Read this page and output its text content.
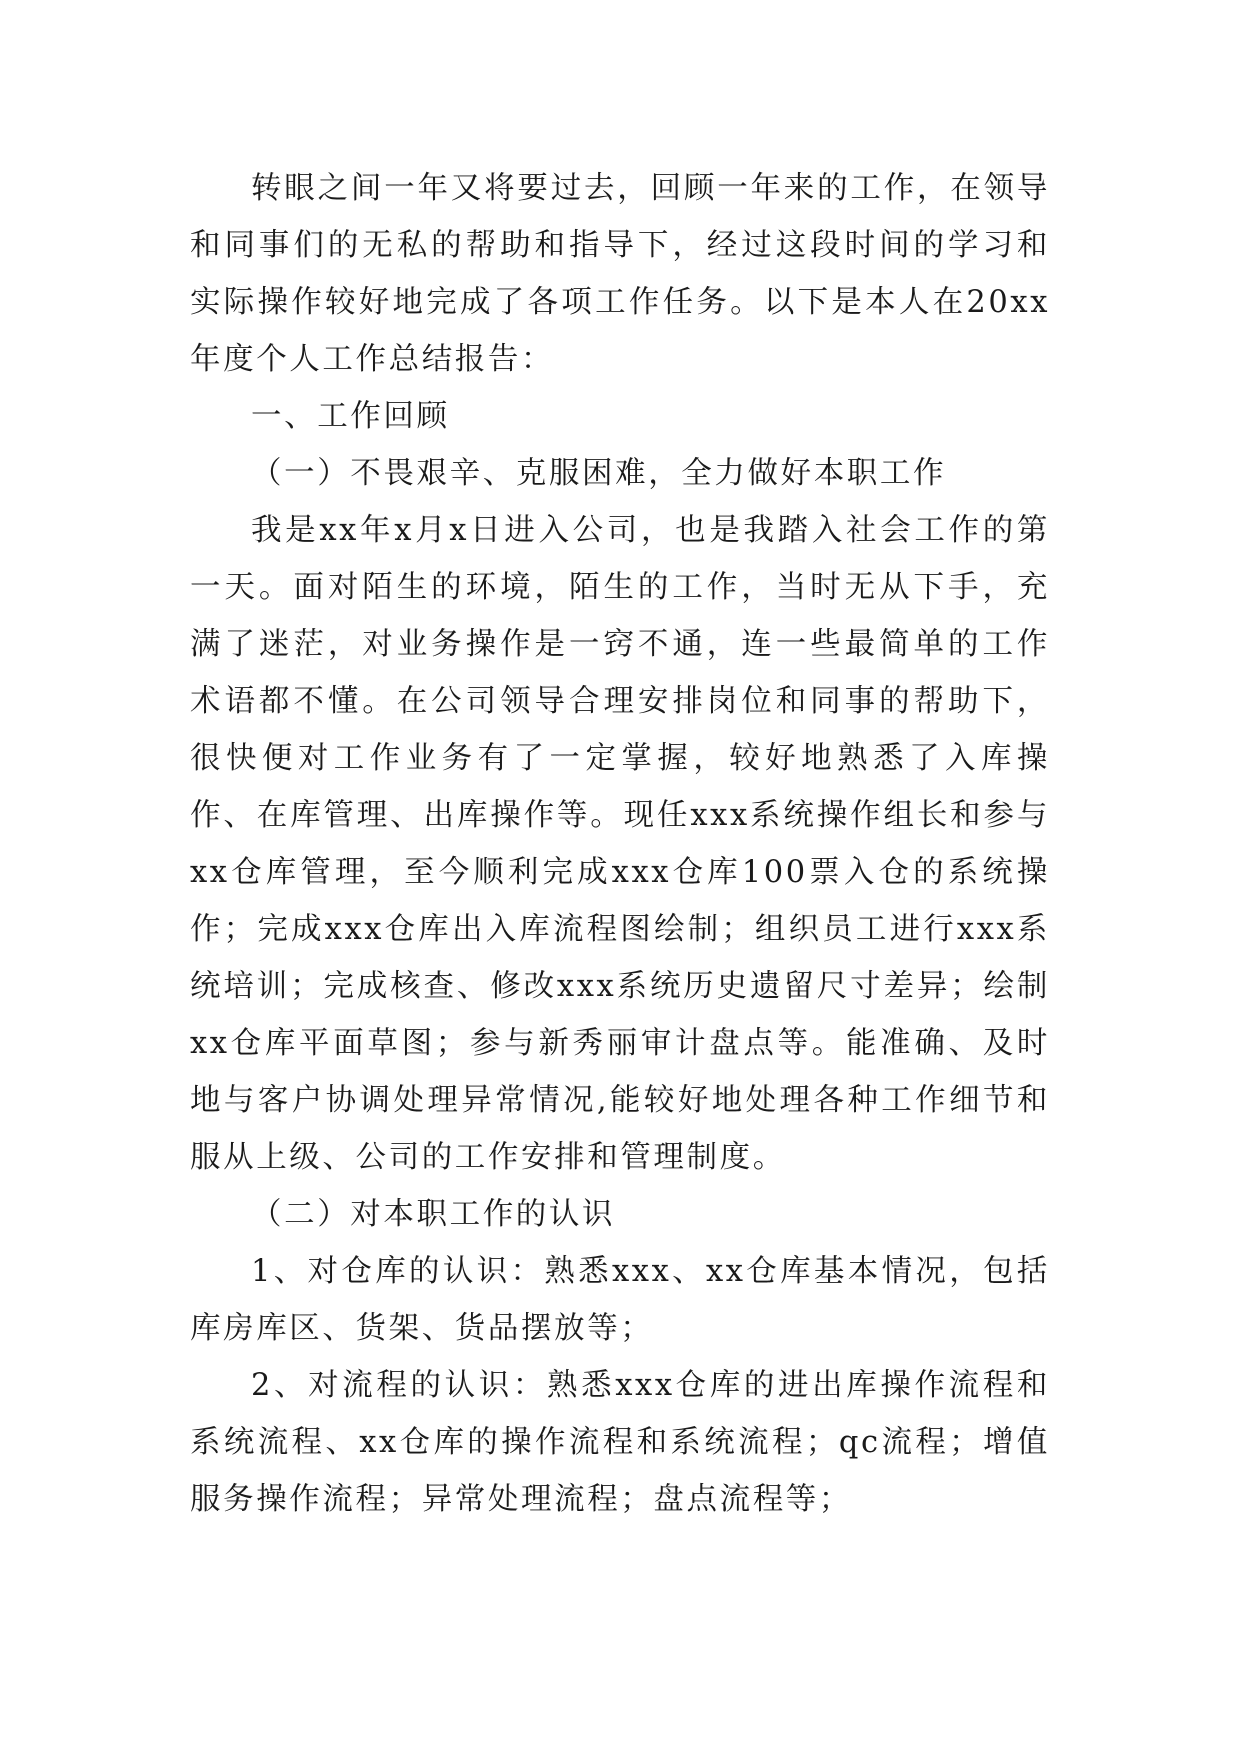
转眼之间一年又将要过去，回顾一年来的工作，在领导和同事们的无私的帮助和指导下，经过这段时间的学习和实际操作较好地完成了各项工作任务。以下是本人在20xx年度个人工作总结报告：

一、工作回顾

（一）不畏艰辛、克服困难，全力做好本职工作

我是xx年x月x日进入公司，也是我踏入社会工作的第一天。面对陌生的环境，陌生的工作，当时无从下手，充满了迷茫，对业务操作是一窍不通，连一些最简单的工作术语都不懂。在公司领导合理安排岗位和同事的帮助下，很快便对工作业务有了一定掌握，较好地熟悉了入库操作、在库管理、出库操作等。现任xxx系统操作组长和参与xx仓库管理，至今顺利完成xxx仓库100票入仓的系统操作；完成xxx仓库出入库流程图绘制；组织员工进行xxx系统培训；完成核查、修改xxx系统历史遗留尺寸差异；绘制xx仓库平面草图；参与新秀丽审计盘点等。能准确、及时地与客户协调处理异常情况,能较好地处理各种工作细节和服从上级、公司的工作安排和管理制度。

（二）对本职工作的认识

1、对仓库的认识：熟悉xxx、xx仓库基本情况，包括库房库区、货架、货品摆放等；

2、对流程的认识：熟悉xxx仓库的进出库操作流程和系统流程、xx仓库的操作流程和系统流程；qc流程；增值服务操作流程；异常处理流程；盘点流程等；
